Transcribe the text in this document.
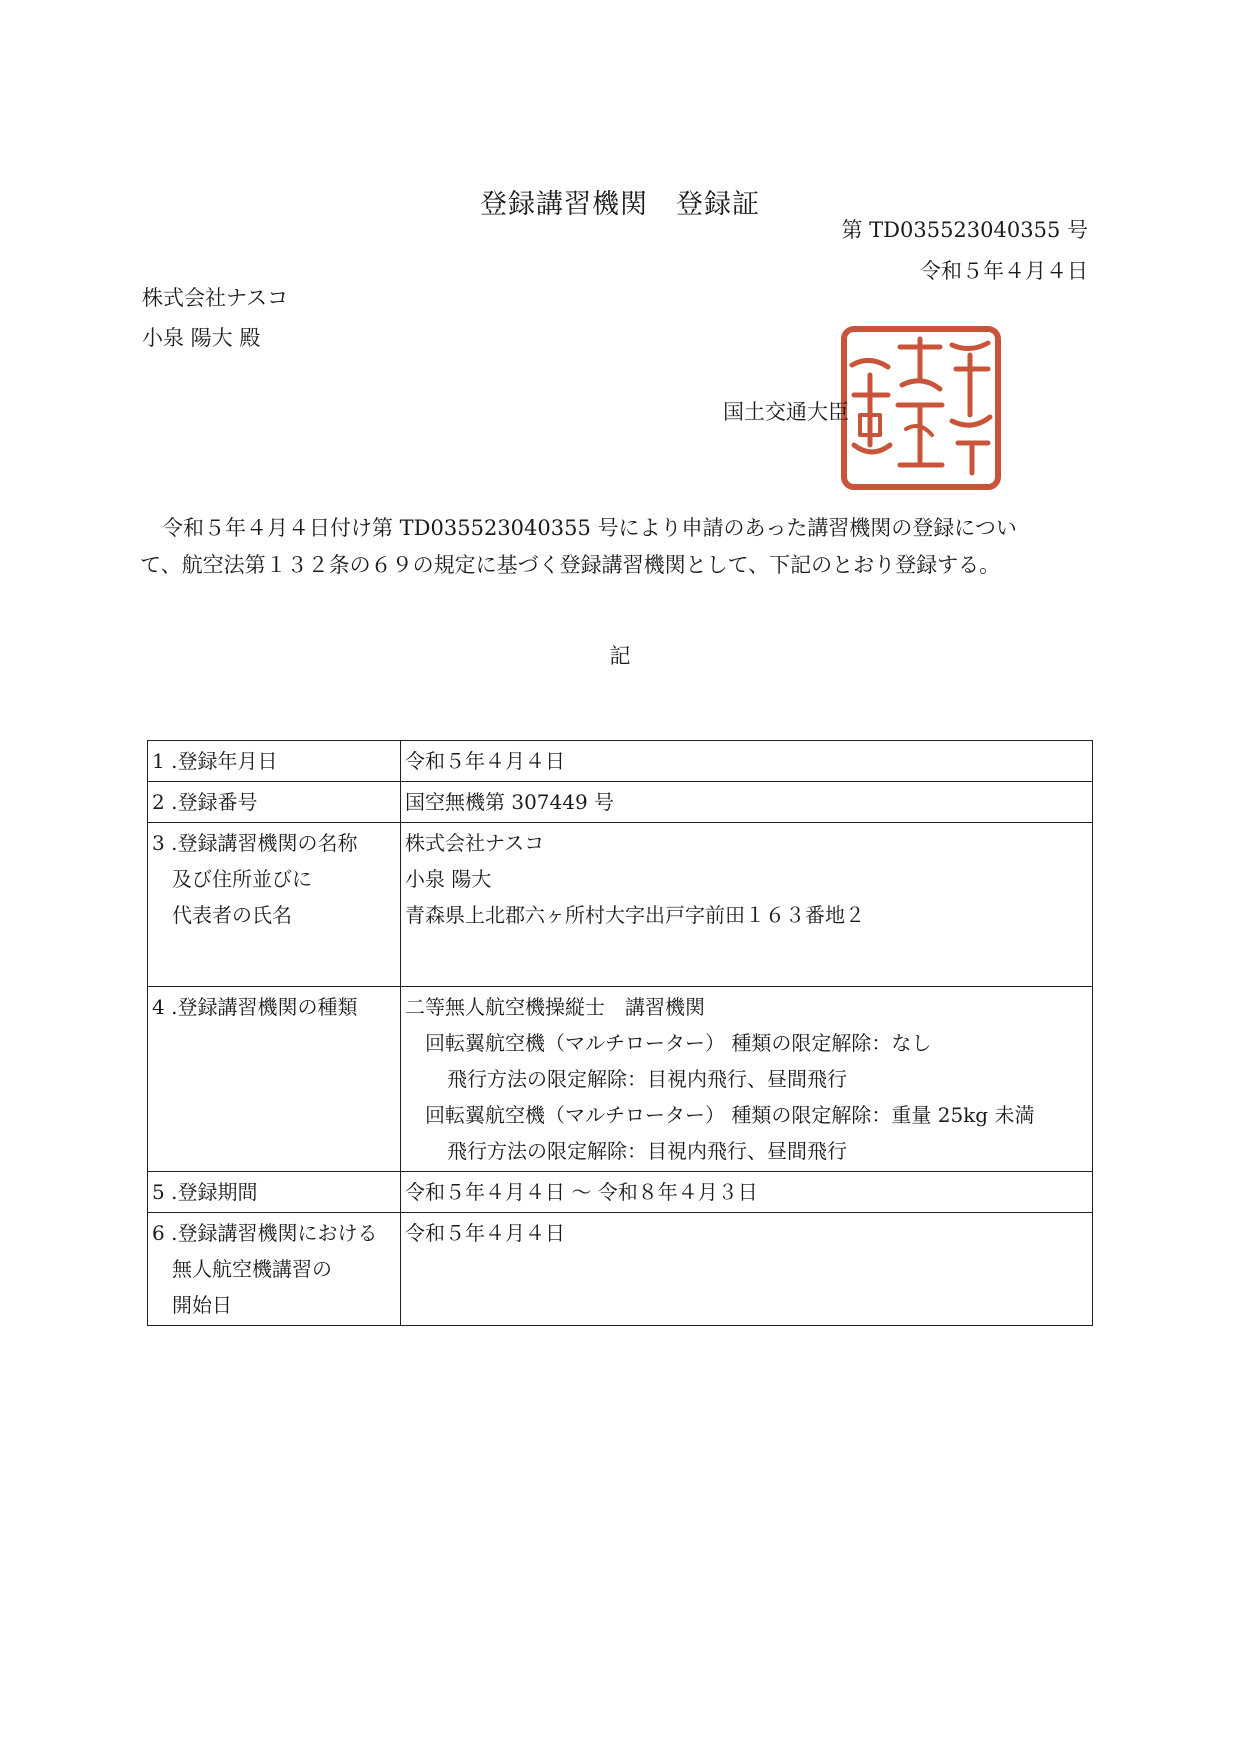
登録講習機関　登録証
第 TD035523040355 号
令和５年４月４日
株式会社ナスコ
小泉 陽大 殿
国土交通大臣

令和５年４月４日付け第 TD035523040355 号により申請のあった講習機関の登録につい

て、航空法第１３２条の６９の規定に基づく登録講習機関として、下記のとおり登録する。

記
1 .登録年月日	令和５年４月４日

2 .登録番号	国空無機第 307449 号

3 .登録講習機関の名称
及び住所並びに
代表者の氏名	株式会社ナスコ
小泉 陽大
青森県上北郡六ヶ所村大字出戸字前田１６３番地２

4 .登録講習機関の種類	二等無人航空機操縦士　講習機関
回転翼航空機（マルチローター） 種類の限定解除：なし
飛行方法の限定解除：目視内飛行、昼間飛行
回転翼航空機（マルチローター） 種類の限定解除：重量 25kg 未満
飛行方法の限定解除：目視内飛行、昼間飛行

5 .登録期間	令和５年４月４日 〜 令和８年４月３日

6 .登録講習機関における
無人航空機講習の
開始日	令和５年４月４日
